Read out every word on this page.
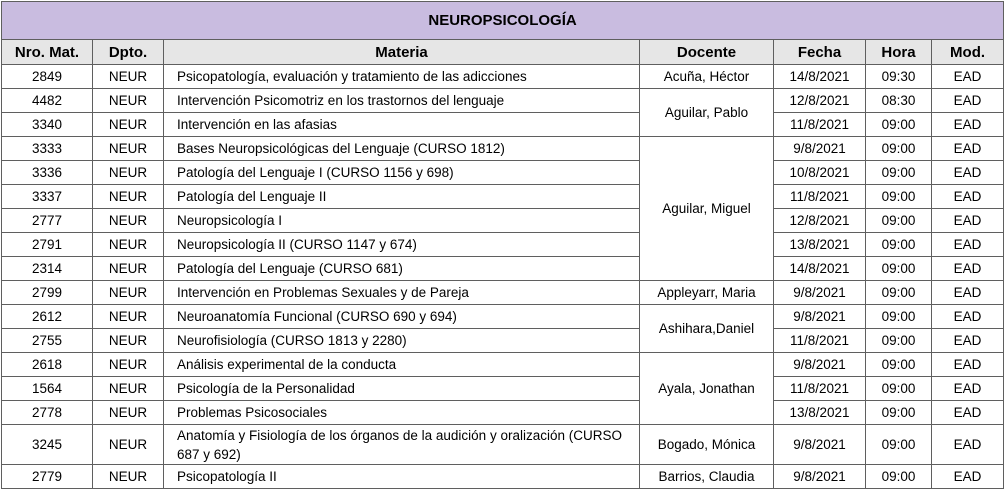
NEUROPSICOLOGÍA						
Nro. Mat.	Dpto.	Materia	Docente	Fecha	Hora	Mod.
2849	NEUR	Psicopatología, evaluación y tratamiento de las adicciones	Acuña, Héctor	14/8/2021	09:30	EAD
4482	NEUR	Intervención Psicomotriz en los trastornos del lenguaje	Aguilar, Pablo	12/8/2021	08:30	EAD
3340	NEUR	Intervención en las afasias		11/8/2021	09:00	EAD
3333	NEUR	Bases Neuropsicológicas del Lenguaje (CURSO 1812)	Aguilar, Miguel	9/8/2021	09:00	EAD
3336	NEUR	Patología del Lenguaje I (CURSO 1156 y 698)		10/8/2021	09:00	EAD
3337	NEUR	Patología del Lenguaje II		11/8/2021	09:00	EAD
2777	NEUR	Neuropsicología I		12/8/2021	09:00	EAD
2791	NEUR	Neuropsicología II (CURSO 1147 y 674)		13/8/2021	09:00	EAD
2314	NEUR	Patología del Lenguaje (CURSO 681)		14/8/2021	09:00	EAD
2799	NEUR	Intervención en Problemas Sexuales y de Pareja	Appleyarr, Maria	9/8/2021	09:00	EAD
2612	NEUR	Neuroanatomía Funcional (CURSO 690 y 694)	Ashihara,Daniel	9/8/2021	09:00	EAD
2755	NEUR	Neurofisiología (CURSO 1813 y 2280)		11/8/2021	09:00	EAD
2618	NEUR	Análisis experimental de la conducta	Ayala, Jonathan	9/8/2021	09:00	EAD
1564	NEUR	Psicología de la Personalidad		11/8/2021	09:00	EAD
2778	NEUR	Problemas Psicosociales		13/8/2021	09:00	EAD
3245	NEUR	Anatomía y Fisiología de los órganos de la audición y oralización (CURSO 687 y 692)	Bogado, Mónica	9/8/2021	09:00	EAD
2779	NEUR	Psicopatología II	Barrios, Claudia	9/8/2021	09:00	EAD
